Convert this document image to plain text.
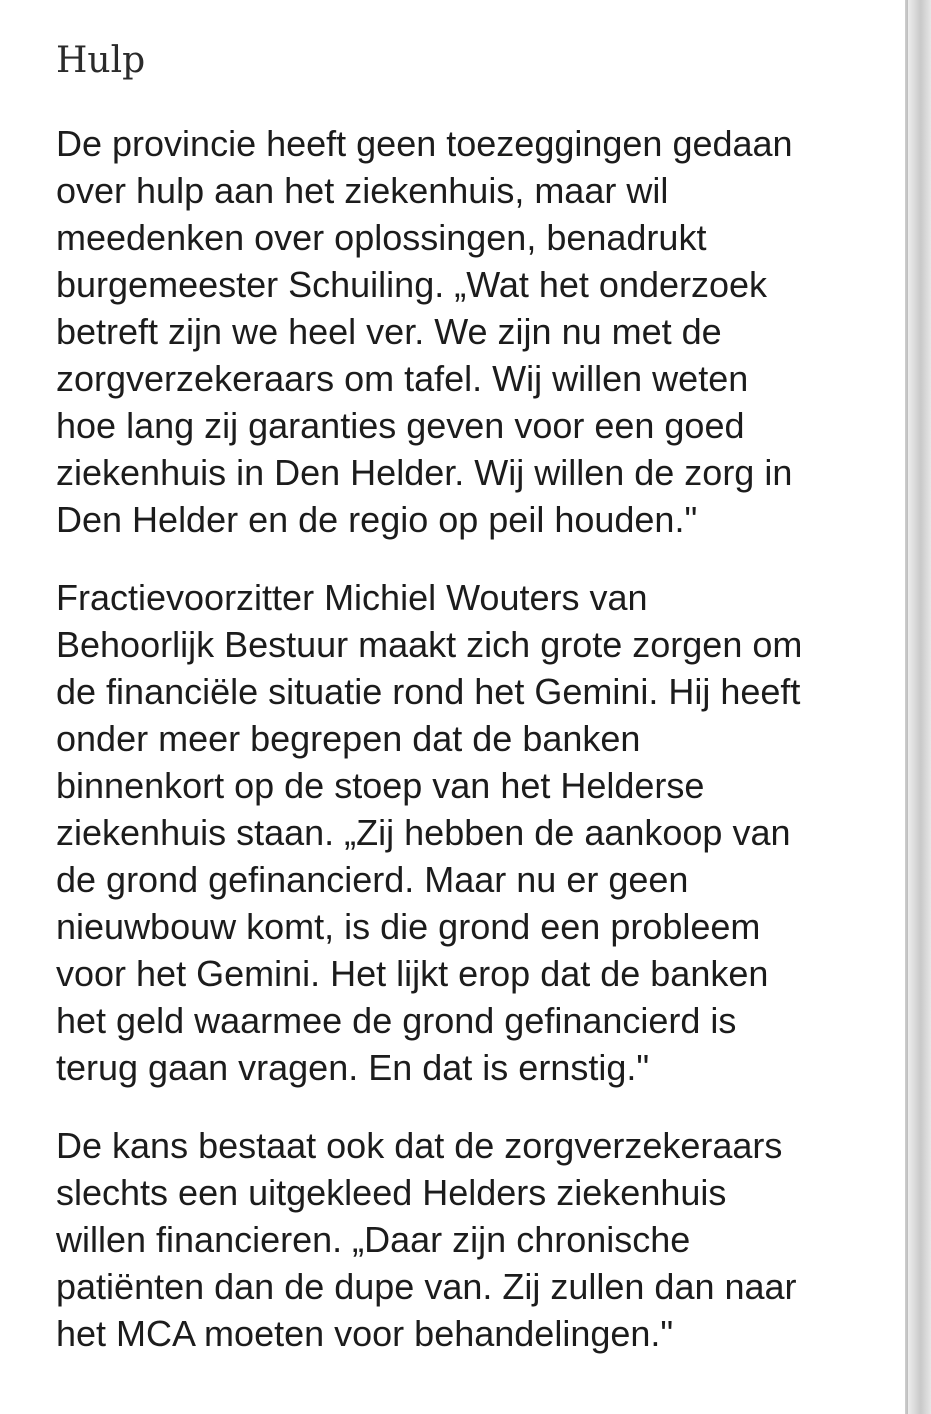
Hulp

De provincie heeft geen toezeggingen gedaan
over hulp aan het ziekenhuis, maar wil
meedenken over oplossingen, benadrukt
burgemeester Schuiling. „Wat het onderzoek
betreft zijn we heel ver. We zijn nu met de
zorgverzekeraars om tafel. Wij willen weten
hoe lang zij garanties geven voor een goed
ziekenhuis in Den Helder. Wij willen de zorg in
Den Helder en de regio op peil houden."

Fractievoorzitter Michiel Wouters van
Behoorlijk Bestuur maakt zich grote zorgen om
de financiële situatie rond het Gemini. Hij heeft
onder meer begrepen dat de banken
binnenkort op de stoep van het Helderse
ziekenhuis staan. „Zij hebben de aankoop van
de grond gefinancierd. Maar nu er geen
nieuwbouw komt, is die grond een probleem
voor het Gemini. Het lijkt erop dat de banken
het geld waarmee de grond gefinancierd is
terug gaan vragen. En dat is ernstig."

De kans bestaat ook dat de zorgverzekeraars
slechts een uitgekleed Helders ziekenhuis
willen financieren. „Daar zijn chronische
patiënten dan de dupe van. Zij zullen dan naar
het MCA moeten voor behandelingen."
